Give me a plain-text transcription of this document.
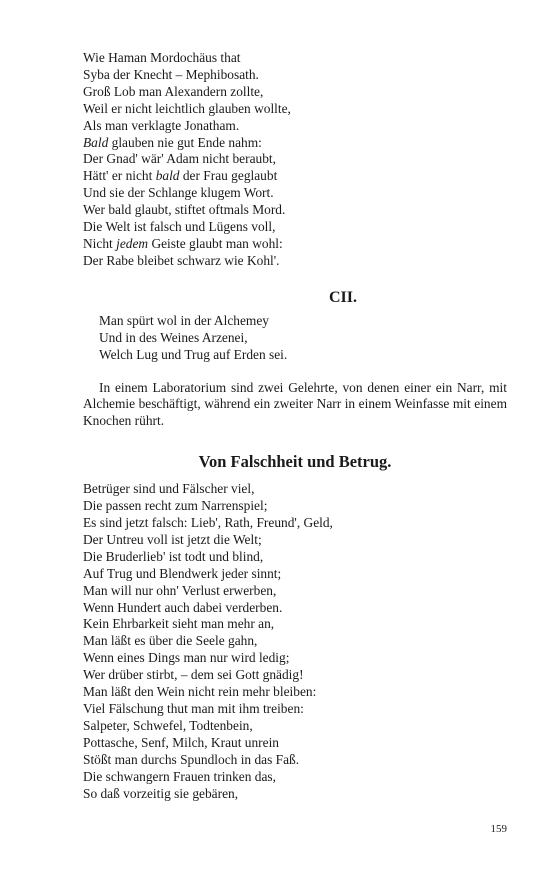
Wie Haman Mordochäus that
Syba der Knecht – Mephibosath.
Groß Lob man Alexandern zollte,
Weil er nicht leichtlich glauben wollte,
Als man verklagte Jonatham.
Bald glauben nie gut Ende nahm:
Der Gnad' wär' Adam nicht beraubt,
Hätt' er nicht bald der Frau geglaubt
Und sie der Schlange klugem Wort.
Wer bald glaubt, stiftet oftmals Mord.
Die Welt ist falsch und Lügens voll,
Nicht jedem Geiste glaubt man wohl:
Der Rabe bleibet schwarz wie Kohl'.
CII.
Man spürt wol in der Alchemey
Und in des Weines Arzenei,
Welch Lug und Trug auf Erden sei.
In einem Laboratorium sind zwei Gelehrte, von denen einer ein Narr, mit Alchemie beschäftigt, während ein zweiter Narr in einem Weinfasse mit einem Knochen rührt.
Von Falschheit und Betrug.
Betrüger sind und Fälscher viel,
Die passen recht zum Narrenspiel;
Es sind jetzt falsch: Lieb', Rath, Freund', Geld,
Der Untreu voll ist jetzt die Welt;
Die Bruderlieb' ist todt und blind,
Auf Trug und Blendwerk jeder sinnt;
Man will nur ohn' Verlust erwerben,
Wenn Hundert auch dabei verderben.
Kein Ehrbarkeit sieht man mehr an,
Man läßt es über die Seele gahn,
Wenn eines Dings man nur wird ledig;
Wer drüber stirbt, – dem sei Gott gnädig!
Man läßt den Wein nicht rein mehr bleiben:
Viel Fälschung thut man mit ihm treiben:
Salpeter, Schwefel, Todtenbein,
Pottasche, Senf, Milch, Kraut unrein
Stößt man durchs Spundloch in das Faß.
Die schwangern Frauen trinken das,
So daß vorzeitig sie gebären,
159
